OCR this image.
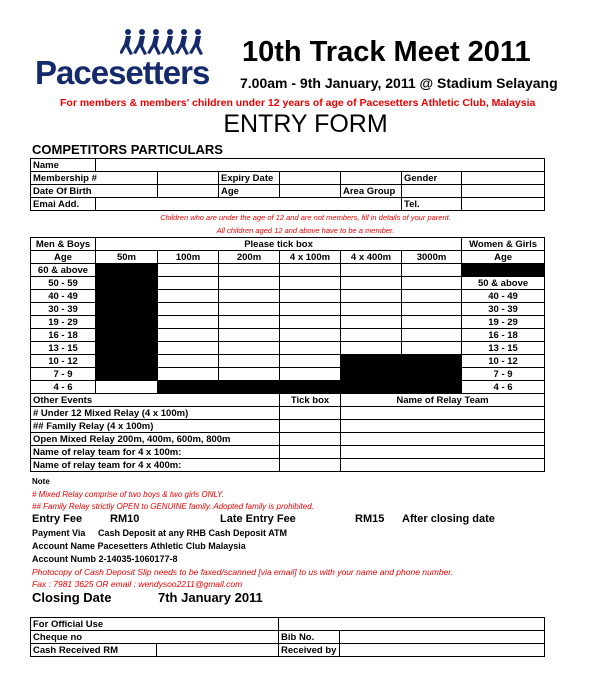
Pacesetters
10th Track Meet 2011
7.00am - 9th January, 2011 @ Stadium Selayang
For members & members' children under 12 years of age of Pacesetters Athletic Club, Malaysia
ENTRY FORM
COMPETITORS PARTICULARS
Name							
Membership #			Expiry Date			Gender	
Date Of Birth			Age		Area Group		
Emai Add.						Tel.	
Children who are under the age of 12 and are not members, fill in details of your parent.
All children aged 12 and above have to be a member.
Men & Boys	Please tick box						Women & Girls
Age	50m	100m	200m	4 x 100m	4 x 400m	3000m	Age
60 & above							
50 - 59							50 & above
40 - 49							40 - 49
30 - 39							30 - 39
19 - 29							19 - 29
16 - 18							16 - 18
13 - 15							13 - 15
10 - 12							10 - 12
7 - 9							7 - 9
4 - 6							4 - 6
Other Events	Tick box	Name of Relay Team
# Under 12 Mixed Relay (4 x 100m)		
## Family Relay (4 x 100m)		
Open Mixed Relay 200m, 400m, 600m, 800m		
Name of relay team for 4 x 100m:		
Name of relay team for 4 x 400m:		
Note
# Mixed Relay comprise of two boys & two girls ONLY.
## Family Relay strictly OPEN to GENUINE family. Adopted family is prohibited.
Entry Fee	RM10	Late Entry Fee	RM15 After closing date
Payment Via Cash Deposit at any RHB Cash Deposit ATM
Account Name Pacesetters Athletic Club Malaysia
Account Numb 2-14035-1060177-8
Photocopy of Cash Deposit Slip needs to be faxed/scanned [via email] to us with your name and phone number.
Fax : 7981 3625 OR email : wendysoo2211@gmail.com
Closing Date	7th January 2011
For Official Use			
Cheque no		Bib No.	
Cash Received RM		Received by	
